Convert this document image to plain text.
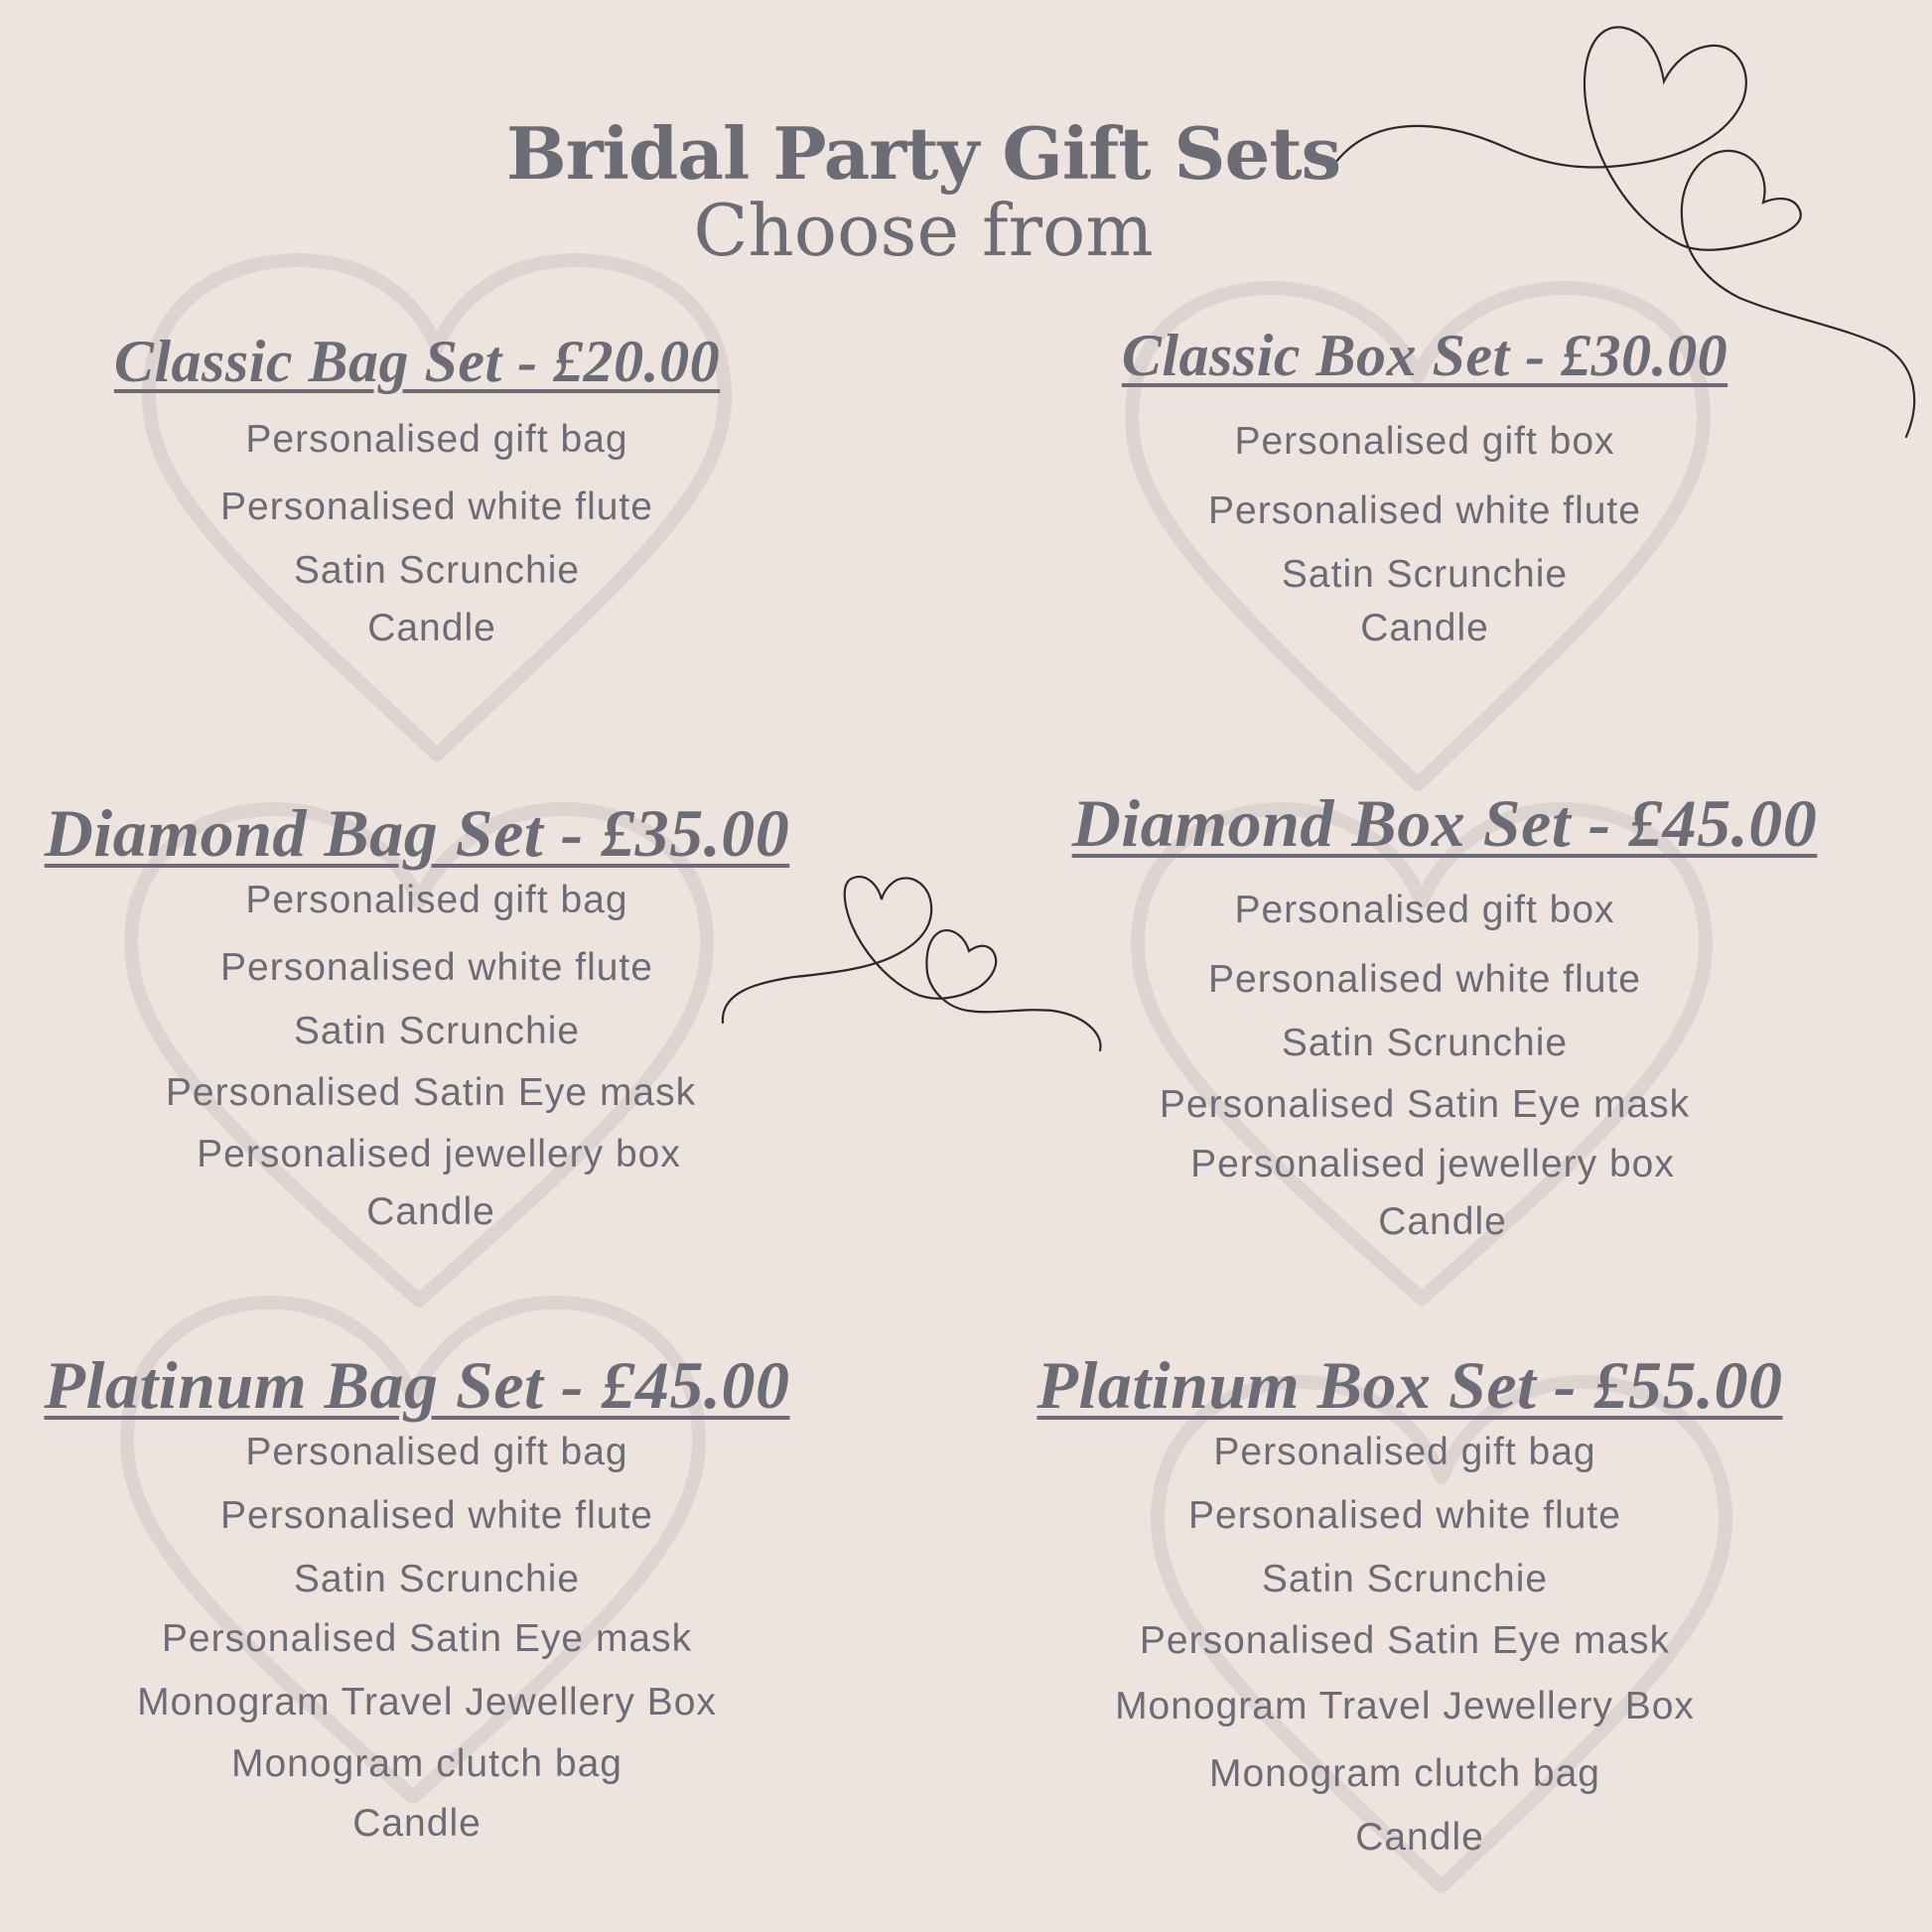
Bridal Party Gift Sets
Choose from
Classic Bag Set - £20.00
Personalised gift bag
Personalised white flute
Satin Scrunchie
Candle
Classic Box Set - £30.00
Personalised gift box
Personalised white flute
Satin Scrunchie
Candle
Diamond Bag Set - £35.00
Personalised gift bag
Personalised white flute
Satin Scrunchie
Personalised Satin Eye mask
Personalised jewellery box
Candle
Diamond Box Set - £45.00
Personalised gift box
Personalised white flute
Satin Scrunchie
Personalised Satin Eye mask
Personalised jewellery box
Candle
Platinum Bag Set - £45.00
Personalised gift bag
Personalised white flute
Satin Scrunchie
Personalised Satin Eye mask
Monogram Travel Jewellery Box
Monogram clutch bag
Candle
Platinum Box Set - £55.00
Personalised gift bag
Personalised white flute
Satin Scrunchie
Personalised Satin Eye mask
Monogram Travel Jewellery Box
Monogram clutch bag
Candle
